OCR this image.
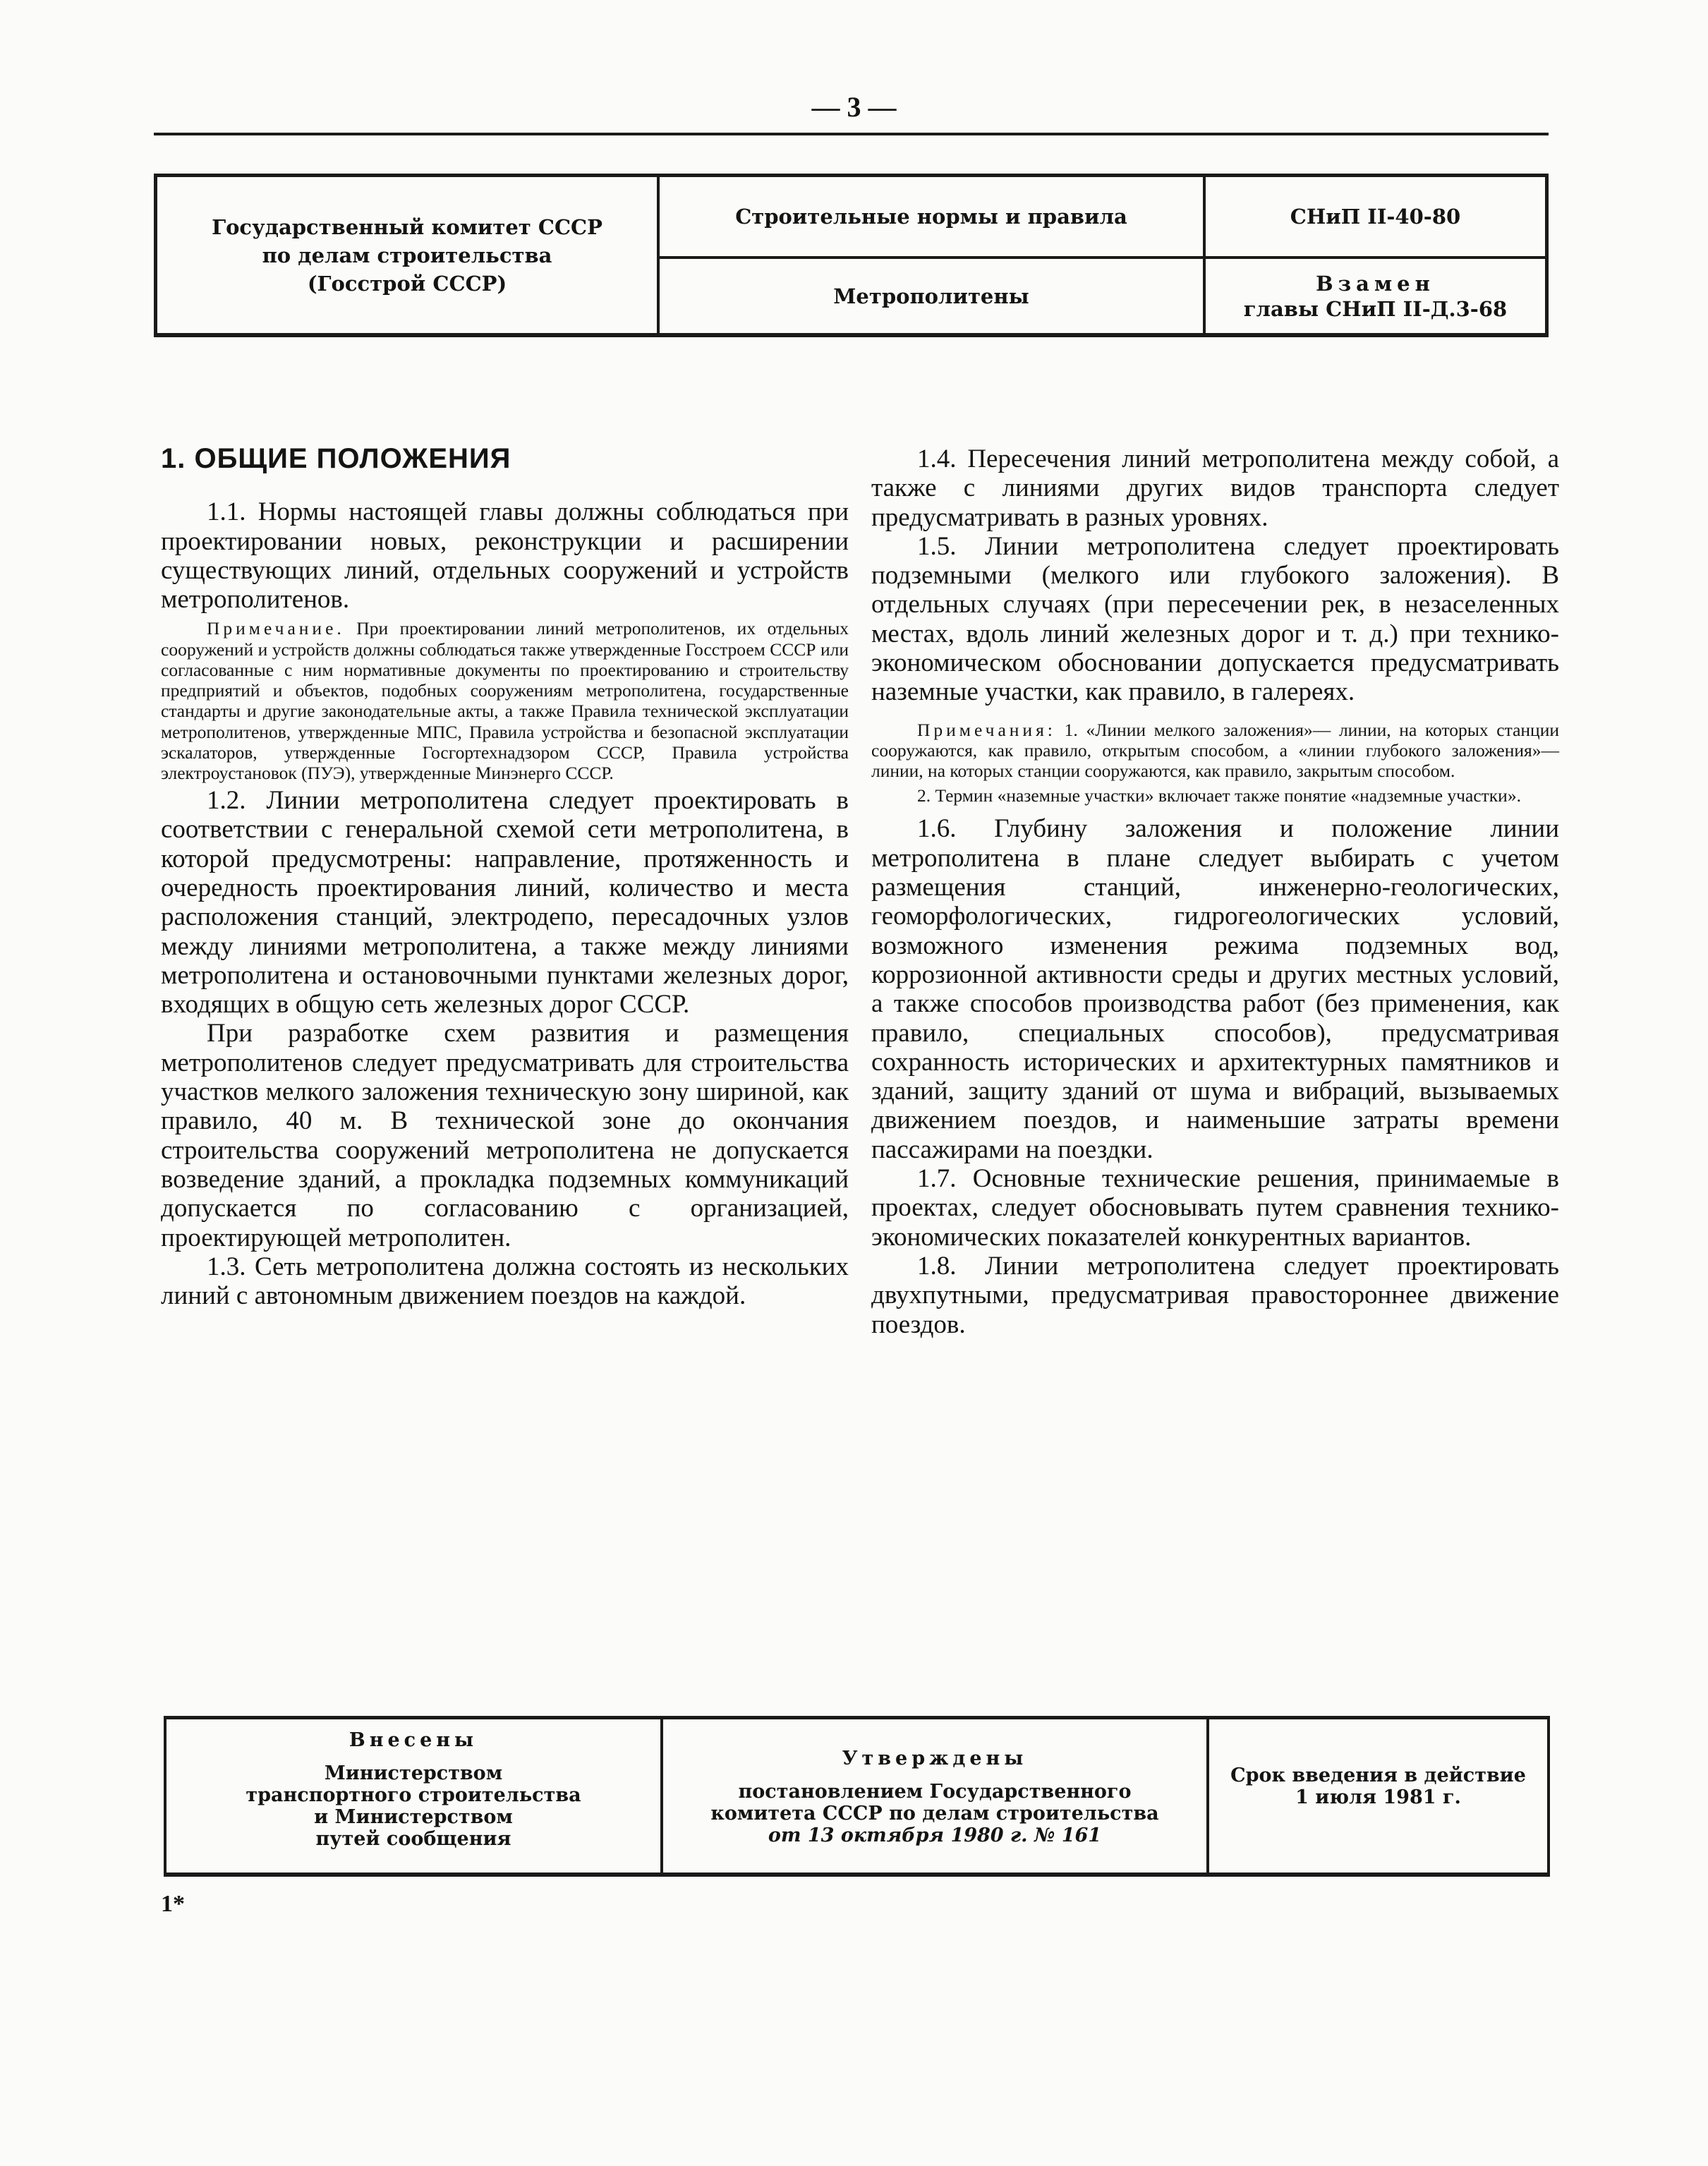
— 3 —
Государственный комитет СССР
по делам строительства
(Госстрой СССР)
Строительные нормы и правила
Метрополитены
СНиП II-40-80
Взамен
главы СНиП II-Д.3-68

1. ОБЩИЕ ПОЛОЖЕНИЯ

1.1. Нормы настоящей главы должны соблюдаться при проектировании новых, реконструкции и расширении существующих линий, отдельных сооружений и устройств метрополитенов.

Примечание. При проектировании линий метрополитенов, их отдельных сооружений и устройств должны соблюдаться также утвержденные Госстроем СССР или согласованные с ним нормативные документы по проектированию и строительству предприятий и объектов, подобных сооружениям метрополитена, государственные стандарты и другие законодательные акты, а также Правила технической эксплуатации метрополитенов, утвержденные МПС, Правила устройства и безопасной эксплуатации эскалаторов, утвержденные Госгортехнадзором СССР, Правила устройства электроустановок (ПУЭ), утвержденные Минэнерго СССР.

1.2. Линии метрополитена следует проектировать в соответствии с генеральной схемой сети метрополитена, в которой предусмотрены: направление, протяженность и очередность проектирования линий, количество и места расположения станций, электродепо, пересадочных узлов между линиями метрополитена, а также между линиями метрополитена и остановочными пунктами железных дорог, входящих в общую сеть железных дорог СССР.

При разработке схем развития и размещения метрополитенов следует предусматривать для строительства участков мелкого заложения техническую зону шириной, как правило, 40 м. В технической зоне до окончания строительства сооружений метрополитена не допускается возведение зданий, а прокладка подземных коммуникаций допускается по согласованию с организацией, проектирующей метрополитен.

1.3. Сеть метрополитена должна состоять из нескольких линий с автономным движением поездов на каждой.

1.4. Пересечения линий метрополитена между собой, а также с линиями других видов транспорта следует предусматривать в разных уровнях.

1.5. Линии метрополитена следует проектировать подземными (мелкого или глубокого заложения). В отдельных случаях (при пересечении рек, в незаселенных местах, вдоль линий железных дорог и т. д.) при технико-экономическом обосновании допускается предусматривать наземные участки, как правило, в галереях.

Примечания: 1. «Линии мелкого заложения»— линии, на которых станции сооружаются, как правило, открытым способом, а «линии глубокого заложения»— линии, на которых станции сооружаются, как правило, закрытым способом.

2. Термин «наземные участки» включает также понятие «надземные участки».

1.6. Глубину заложения и положение линии метрополитена в плане следует выбирать с учетом размещения станций, инженерно-геологических, геоморфологических, гидрогеологических условий, возможного изменения режима подземных вод, коррозионной активности среды и других местных условий, а также способов производства работ (без применения, как правило, специальных способов), предусматривая сохранность исторических и архитектурных памятников и зданий, защиту зданий от шума и вибраций, вызываемых движением поездов, и наименьшие затраты времени пассажирами на поездки.

1.7. Основные технические решения, принимаемые в проектах, следует обосновывать путем сравнения технико-экономических показателей конкурентных вариантов.

1.8. Линии метрополитена следует проектировать двухпутными, предусматривая правостороннее движение поездов.

Внесены
Министерством
транспортного строительства
и Министерством
путей сообщения
Утверждены
постановлением Государственного
комитета СССР по делам строительства
от 13 октября 1980 г. № 161
Срок введения в действие
1 июля 1981 г.
1*
